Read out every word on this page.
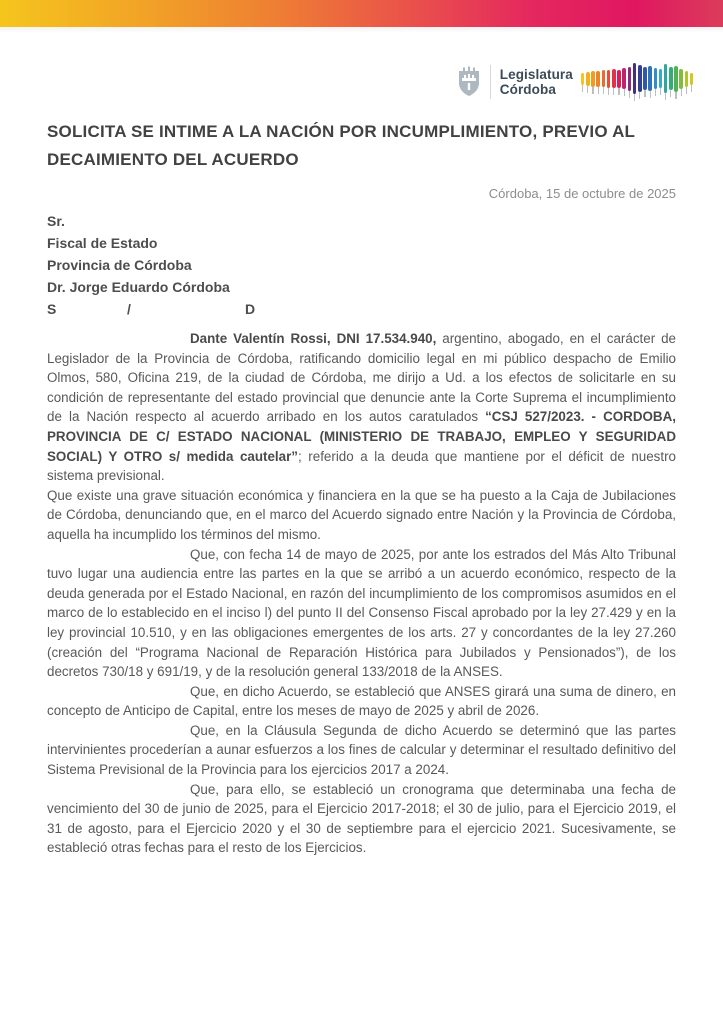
Legislatura
Córdoba
SOLICITA SE INTIME A LA NACIÓN POR INCUMPLIMIENTO, PREVIO AL DECAIMIENTO DEL ACUERDO
Córdoba, 15 de octubre de 2025
Sr.
Fiscal de Estado
Provincia de Córdoba
Dr. Jorge Eduardo Córdoba
S	/	D

Dante Valentín Rossi, DNI 17.534.940, argentino, abogado, en el carácter de Legislador de la Provincia de Córdoba, ratificando domicilio legal en mi público despacho de Emilio Olmos, 580, Oficina 219, de la ciudad de Córdoba, me dirijo a Ud. a los efectos de solicitarle en su condición de representante del estado provincial que denuncie ante la Corte Suprema el incumplimiento de la Nación respecto al acuerdo arribado en los autos caratulados “CSJ 527/2023. - CORDOBA, PROVINCIA DE C/ ESTADO NACIONAL (MINISTERIO DE TRABAJO, EMPLEO Y SEGURIDAD SOCIAL) Y OTRO s/ medida cautelar”; referido a la deuda que mantiene por el déficit de nuestro sistema previsional.

Que existe una grave situación económica y financiera en la que se ha puesto a la Caja de Jubilaciones de Córdoba, denunciando que, en el marco del Acuerdo signado entre Nación y la Provincia de Córdoba, aquella ha incumplido los términos del mismo.

Que, con fecha 14 de mayo de 2025, por ante los estrados del Más Alto Tribunal tuvo lugar una audiencia entre las partes en la que se arribó a un acuerdo económico, respecto de la deuda generada por el Estado Nacional, en razón del incumplimiento de los compromisos asumidos en el marco de lo establecido en el inciso l) del punto II del Consenso Fiscal aprobado por la ley 27.429 y en la ley provincial 10.510, y en las obligaciones emergentes de los arts. 27 y concordantes de la ley 27.260 (creación del “Programa Nacional de Reparación Histórica para Jubilados y Pensionados”), de los decretos 730/18 y 691/19, y de la resolución general 133/2018 de la ANSES.

Que, en dicho Acuerdo, se estableció que ANSES girará una suma de dinero, en concepto de Anticipo de Capital, entre los meses de mayo de 2025 y abril de 2026.

Que, en la Cláusula Segunda de dicho Acuerdo se determinó que las partes intervinientes procederían a aunar esfuerzos a los fines de calcular y determinar el resultado definitivo del Sistema Previsional de la Provincia para los ejercicios 2017 a 2024.

Que, para ello, se estableció un cronograma que determinaba una fecha de vencimiento del 30 de junio de 2025, para el Ejercicio 2017-2018; el 30 de julio, para el Ejercicio 2019, el 31 de agosto, para el Ejercicio 2020 y el 30 de septiembre para el ejercicio 2021. Sucesivamente, se estableció otras fechas para el resto de los Ejercicios.
